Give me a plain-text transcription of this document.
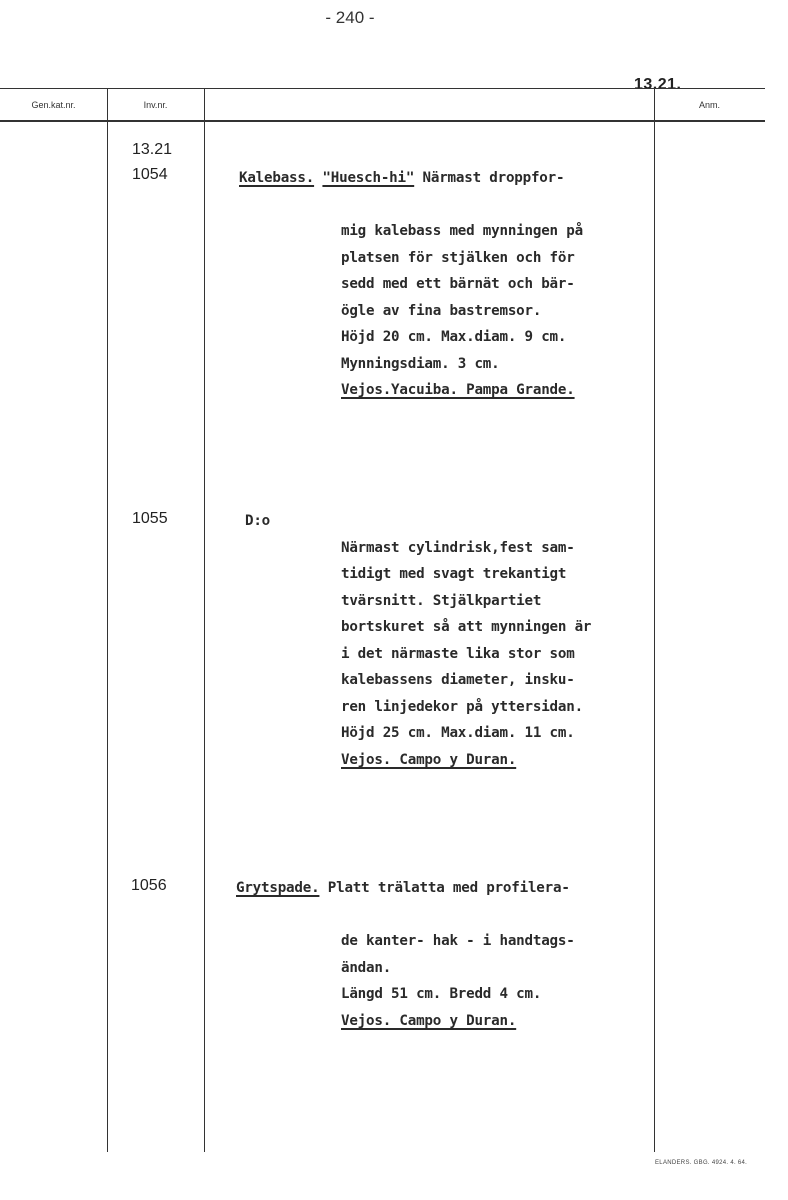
- 240 -
13.21.
Gen.kat.nr.	Inv.nr.	Anm.
13.21
1054	Kalebass. "Huesch-hi" Närmast droppfor-

mig kalebass med mynningen på
platsen för stjälken och för
sedd med ett bärnät och bär-
ögle av fina bastremsor.
Höjd 20 cm. Max.diam. 9 cm.
Mynningsdiam. 3 cm.
Vejos.Yacuiba. Pampa Grande.

1055	D:o

Närmast cylindrisk,fest sam-
tidigt med svagt trekantigt
tvärsnitt. Stjälkpartiet
bortskuret så att mynningen är
i det närmaste lika stor som
kalebassens diameter, insku-
ren linjedekor på yttersidan.
Höjd 25 cm. Max.diam. 11 cm.
Vejos. Campo y Duran.

1056	Grytspade. Platt trälatta med profilera-

de kanter- hak - i handtags-
ändan.
Längd 51 cm. Bredd 4 cm.
Vejos. Campo y Duran.

ELANDERS. GBG. 4924. 4. 64.
